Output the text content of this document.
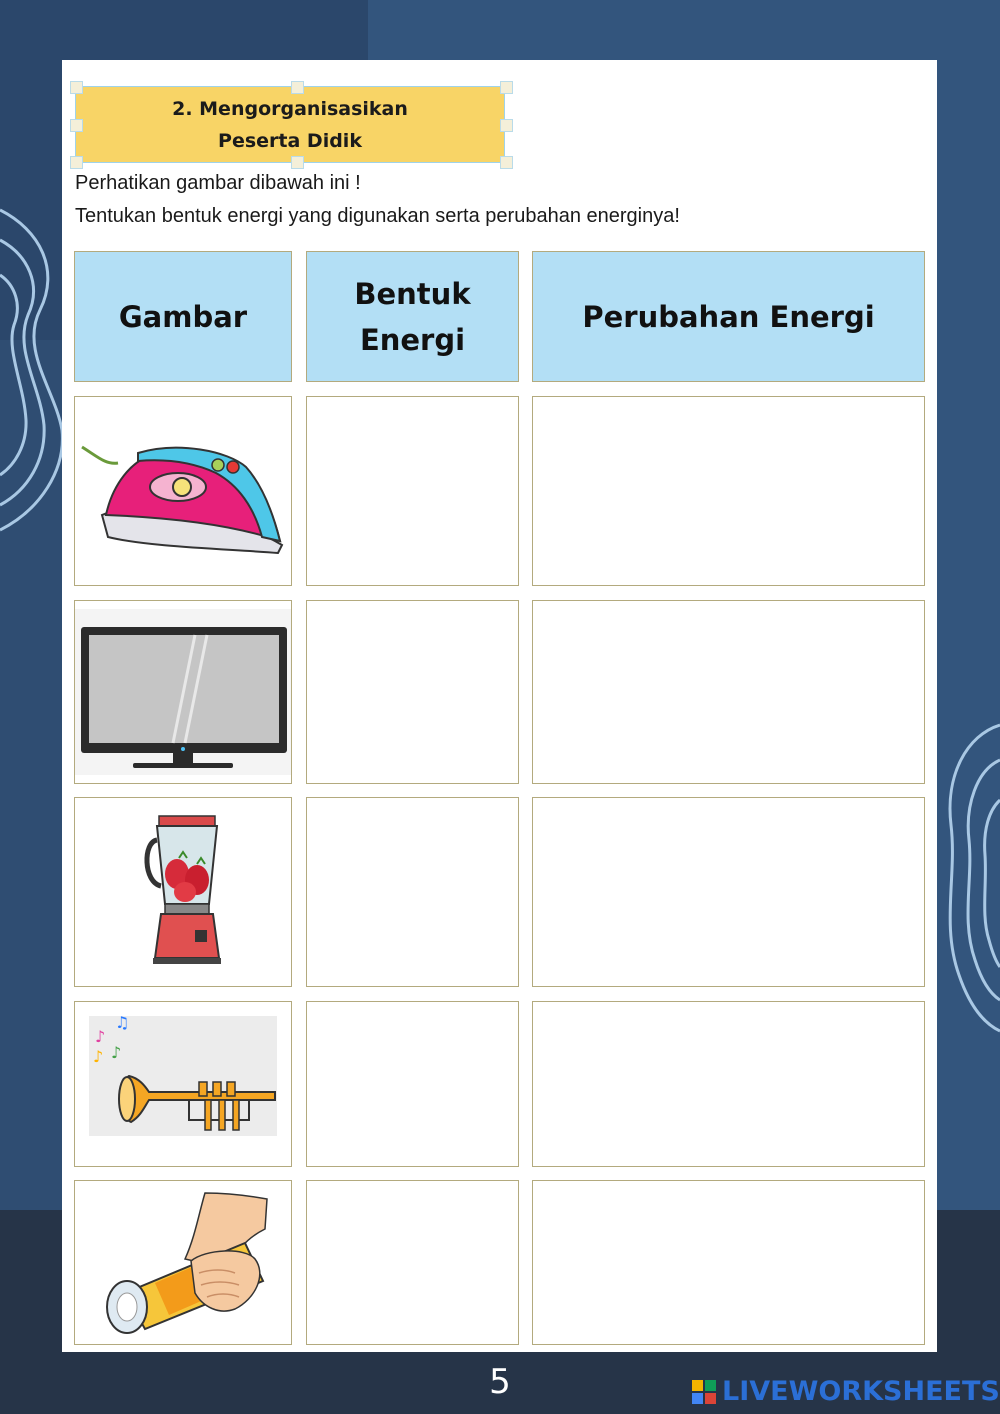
2. Mengorganisasikan Peserta Didik
Perhatikan gambar dibawah ini !
Tentukan bentuk energi yang digunakan serta perubahan energinya!
Gambar
Bentuk Energi
Perubahan Energi
♪
♫
♪ ♪
5	LIVEWORKSHEETS
